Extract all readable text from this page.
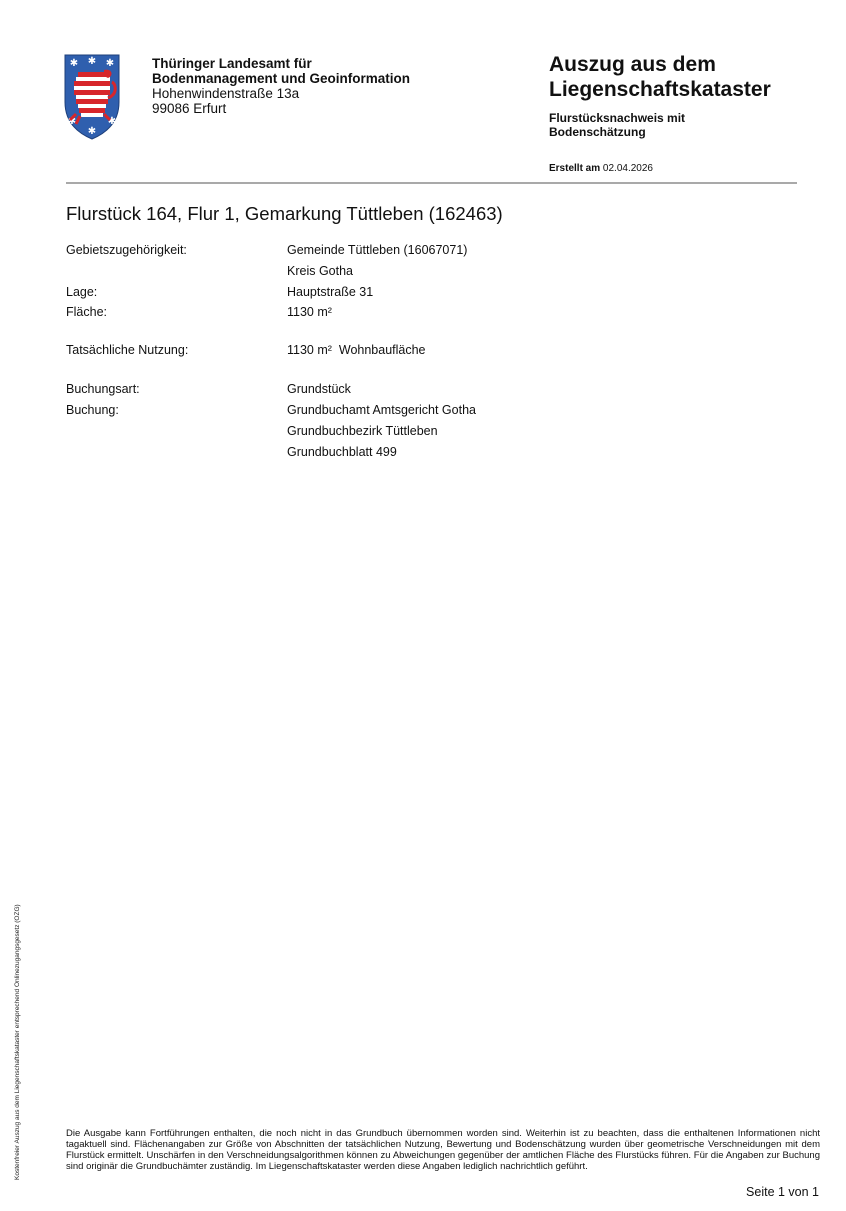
✱ ✱ ✱
✱
✱
✱
Thüringer Landesamt für
Bodenmanagement und Geoinformation
Hohenwindenstraße 13a
99086 Erfurt
Auszug aus dem
Liegenschaftskataster
Flurstücksnachweis mit
Bodenschätzung
Erstellt am 02.04.2026
Flurstück 164, Flur 1, Gemarkung Tüttleben (162463)
Gebietszugehörigkeit:	Gemeinde Tüttleben (16067071)
Kreis Gotha
Lage:	Hauptstraße 31
Fläche:	1130 m²
Tatsächliche Nutzung:	1130 m²  Wohnbaufläche
Buchungsart:	Grundstück
Buchung:	Grundbuchamt Amtsgericht Gotha
Grundbuchbezirk Tüttleben
Grundbuchblatt 499
Die Ausgabe kann Fortführungen enthalten, die noch nicht in das Grundbuch übernommen worden sind. Weiterhin ist zu beachten, dass die enthaltenen Informationen nicht tagaktuell sind. Flächenangaben zur Größe von Abschnitten der tatsächlichen Nutzung, Bewertung und Bodenschätzung wurden über geometrische Verschneidungen mit dem Flurstück ermittelt. Unschärfen in den Verschneidungsalgorithmen können zu Abweichungen gegenüber der amtlichen Fläche des Flurstücks führen. Für die Angaben zur Buchung sind originär die Grundbuchämter zuständig. Im Liegenschaftskataster werden diese Angaben lediglich nachrichtlich geführt.
Seite 1 von 1
Kostenfreier Auszug aus dem Liegenschaftskataster entsprechend Onlinezugangsgesetz (OZG)
